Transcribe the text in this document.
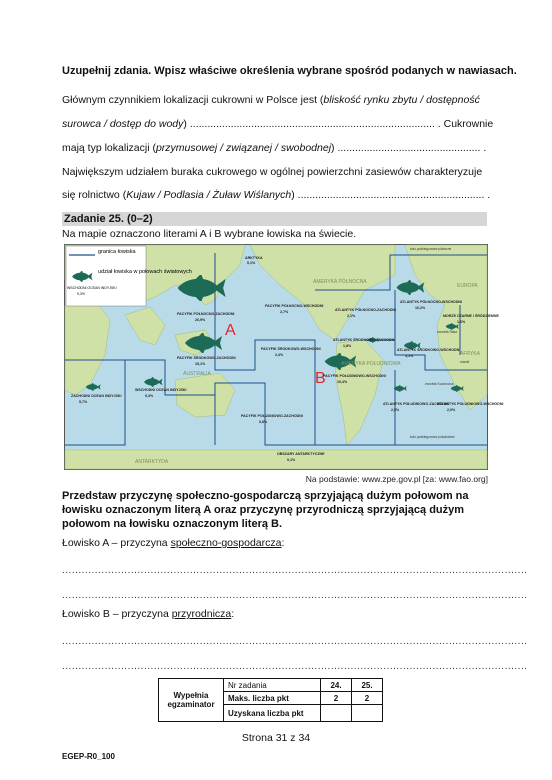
Uzupełnij zdania. Wpisz właściwe określenia wybrane spośród podanych w nawiasach.
Głównym czynnikiem lokalizacji cukrowni w Polsce jest (bliskość rynku zbytu / dostępność
surowca / dostęp do wody) .................................................................................... . Cukrownie
mają typ lokalizacji (przymusowej / związanej / swobodnej) ................................................. .
Największym udziałem buraka cukrowego w ogólnej powierzchni zasiewów charakteryzuje
się rolnictwo (Kujaw / Podlasia / Żuław Wiślanych) ................................................................ .
Zadanie 25. (0–2)
Na mapie oznaczono literami A i B wybrane łowiska na świecie.
granica łowiska
udział łowiska w połowach światowych
WSCHODNI OCEAN INDYJSKI
9,3%
A
B
ARKTYKA
0,1%
PACYFIK PÓŁNOCNO-WSCHODNI
2,7%
PACYFIK PÓŁNOCNO-ZACHODNI
26,9%
PACYFIK ŚRODKOWO-ZACHODNI
15,1%
PACYFIK ŚRODKOWO-WSCHODNI
2,4%
PACYFIK POŁUDNIOWO-ZACHODNI
0,8%
PACYFIK POŁUDNIOWO-WSCHODNI
10,4%
ZACHODNI OCEAN INDYJSKI
5,7%
WSCHODNI OCEAN INDYJSKI
9,3%
ATLANTYK PÓŁNOCNO-ZACHODNI
2,1%
ATLANTYK PÓŁNOCNO-WSCHODNI
10,2%
ATLANTYK ŚRODKOWO-ZACHODNI
1,8%
ATLANTYK ŚRODKOWO-WSCHODNI
5,1%
ATLANTYK POŁUDNIOWO-ZACHODNI
2,5%
ATLANTYK POŁUDNIOWO-WSCHODNI
2,0%
MORZE CZARNE I ŚRÓDZIEMNE
1,6%
OBSZARY ANTARKTYCZNE
0,1%
AMERYKA PÓŁNOCNA
AMERYKA POŁUDNIOWA
EUROPA
AFRYKA
AUSTRALIA
ANTARKTYDA
koło podbiegunowe północne
koło podbiegunowe południowe
zwrotnik Raka
zwrotnik Koziorożca
równik
Na podstawie: www.zpe.gov.pl [za: www.fao.org]
Przedstaw przyczynę społeczno-gospodarczą sprzyjającą dużym połowom na łowisku oznaczonym literą A oraz przyczynę przyrodniczą sprzyjającą dużym połowom na łowisku oznaczonym literą B.
Łowisko A – przyczyna społeczno-gospodarcza:
..............................................................................................................................................
..............................................................................................................................................
Łowisko B – przyczyna przyrodnicza:
..............................................................................................................................................
..............................................................................................................................................
Wypełnia egzaminator	Nr zadania	24.	25.
	Maks. liczba pkt	2	2
	Uzyskana liczba pkt		
Strona 31 z 34
EGEP-R0_100
